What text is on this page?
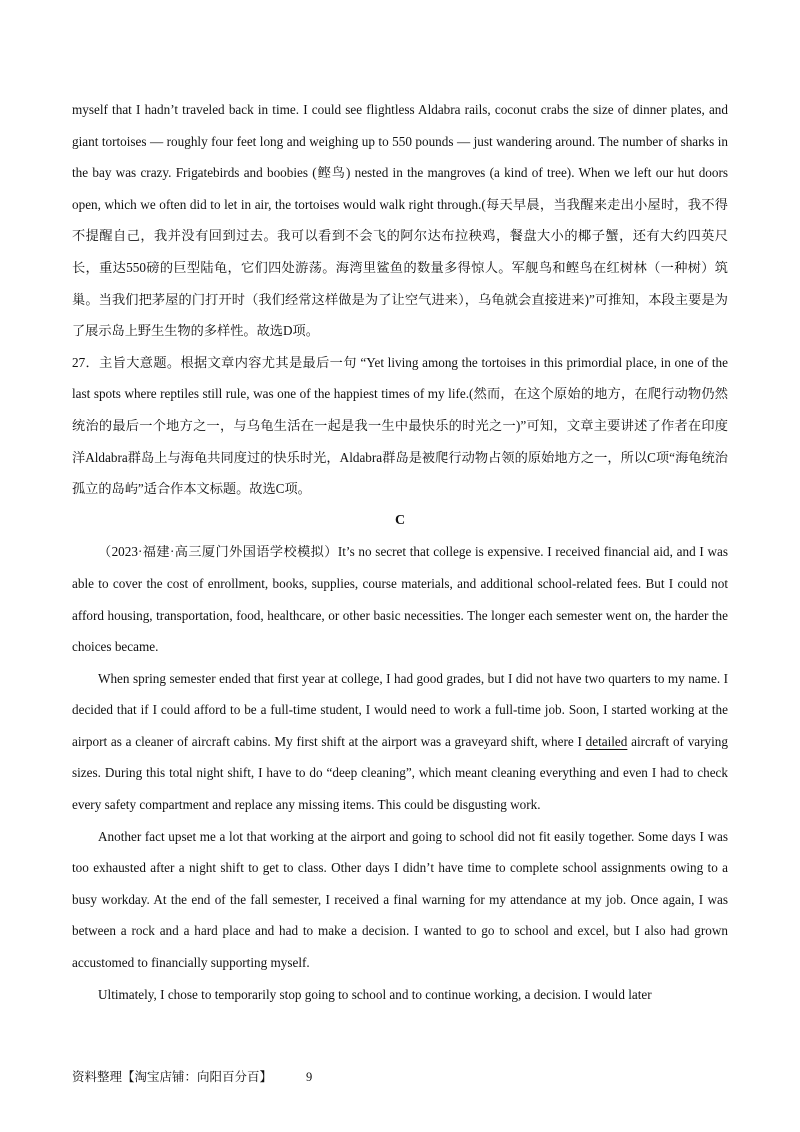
myself that I hadn’t traveled back in time. I could see flightless Aldabra rails, coconut crabs the size of dinner plates, and giant tortoises — roughly four feet long and weighing up to 550 pounds — just wandering around. The number of sharks in the bay was crazy. Frigatebirds and boobies (鲣鸟) nested in the mangroves (a kind of tree). When we left our hut doors open, which we often did to let in air, the tortoises would walk right through.(每天早晨，当我醒来走出小屋时，我不得不提醒自己，我并没有回到过去。我可以看到不会飞的阿尔达布拉秧鸡，餐盘大小的椰子蟹，还有大约四英尺长，重达550磅的巨型陆龟，它们四处游荡。海湾里鲨鱼的数量多得惊人。军舰鸟和鲣鸟在红树林（一种树）筑巢。当我们把茅屋的门打开时（我们经常这样做是为了让空气进来），乌龟就会直接进来)”可推知，本段主要是为了展示岛上野生生物的多样性。故选D项。

27．主旨大意题。根据文章内容尤其是最后一句 “Yet living among the tortoises in this primordial place, in one of the last spots where reptiles still rule, was one of the happiest times of my life.(然而，在这个原始的地方，在爬行动物仍然统治的最后一个地方之一，与乌龟生活在一起是我一生中最快乐的时光之一)”可知，文章主要讲述了作者在印度洋Aldabra群岛上与海龟共同度过的快乐时光，Aldabra群岛是被爬行动物占领的原始地方之一，所以C项“海龟统治孤立的岛屿”适合作本文标题。故选C项。

C

（2023·福建·高三厦门外国语学校模拟）It’s no secret that college is expensive. I received financial aid, and I was able to cover the cost of enrollment, books, supplies, course materials, and additional school-related fees. But I could not afford housing, transportation, food, healthcare, or other basic necessities. The longer each semester went on, the harder the choices became.

When spring semester ended that first year at college, I had good grades, but I did not have two quarters to my name. I decided that if I could afford to be a full-time student, I would need to work a full-time job. Soon, I started working at the airport as a cleaner of aircraft cabins. My first shift at the airport was a graveyard shift, where I detailed aircraft of varying sizes. During this total night shift, I have to do “deep cleaning”, which meant cleaning everything and even I had to check every safety compartment and replace any missing items. This could be disgusting work.

Another fact upset me a lot that working at the airport and going to school did not fit easily together. Some days I was too exhausted after a night shift to get to class. Other days I didn’t have time to complete school assignments owing to a busy workday. At the end of the fall semester, I received a final warning for my attendance at my job. Once again, I was between a rock and a hard place and had to make a decision. I wanted to go to school and excel, but I also had grown accustomed to financially supporting myself.

Ultimately, I chose to temporarily stop going to school and to continue working, a decision. I would later

资料整理【淘宝店铺：向阳百分百】	9
